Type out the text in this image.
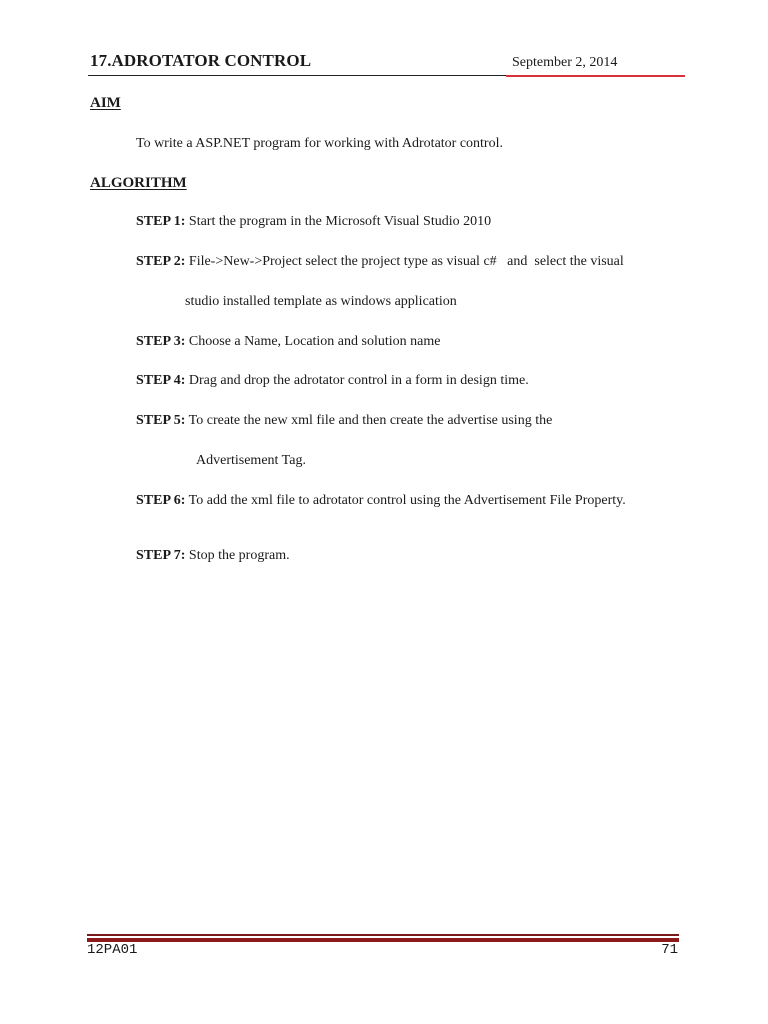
17.ADROTATOR CONTROL	September 2, 2014
AIM
To write a ASP.NET program for working with Adrotator control.
ALGORITHM
STEP 1: Start the program in the Microsoft Visual Studio 2010
STEP 2: File->New->Project select the project type as visual c#   and  select the visual
studio installed template as windows application
STEP 3: Choose a Name, Location and solution name
STEP 4: Drag and drop the adrotator control in a form in design time.
STEP 5: To create the new xml file and then create the advertise using the
Advertisement Tag.
STEP 6: To add the xml file to adrotator control using the Advertisement File Property.
STEP 7: Stop the program.
12PA01	71
